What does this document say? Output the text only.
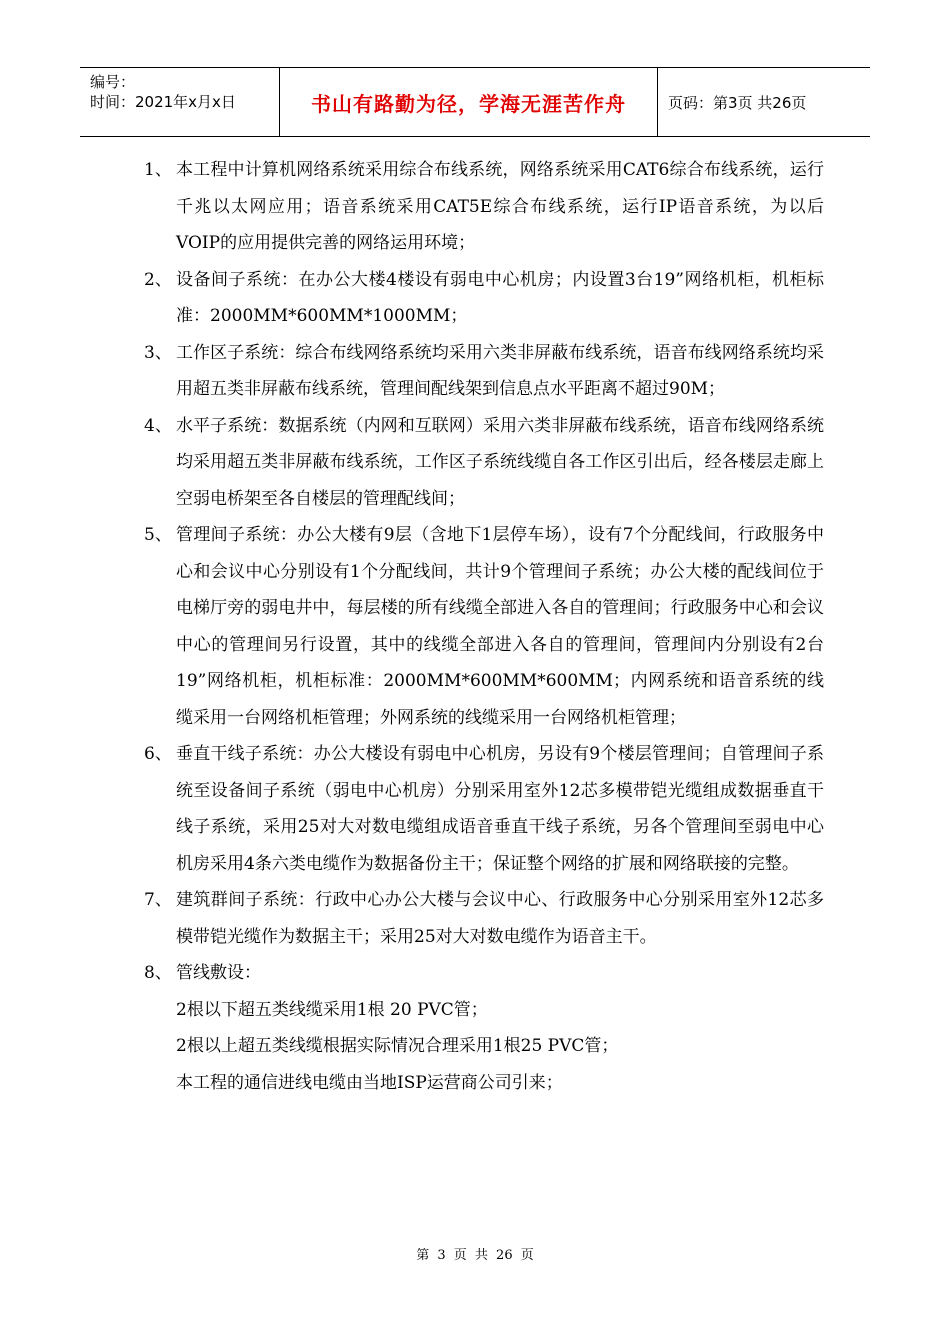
编号：
时间：2021年x月x日	书山有路勤为径，学海无涯苦作舟	页码：第3页 共26页
1、 本工程中计算机网络系统采用综合布线系统，网络系统采用CAT6综合布线系统，运行千兆以太网应用；语音系统采用CAT5E综合布线系统，运行IP语音系统，为以后VOIP的应用提供完善的网络运用环境；
2、 设备间子系统：在办公大楼4楼设有弱电中心机房；内设置3台19”网络机柜，机柜标准：2000MM*600MM*1000MM；
3、 工作区子系统：综合布线网络系统均采用六类非屏蔽布线系统，语音布线网络系统均采用超五类非屏蔽布线系统，管理间配线架到信息点水平距离不超过90M；
4、 水平子系统：数据系统（内网和互联网）采用六类非屏蔽布线系统，语音布线网络系统均采用超五类非屏蔽布线系统，工作区子系统线缆自各工作区引出后，经各楼层走廊上空弱电桥架至各自楼层的管理配线间；
5、 管理间子系统：办公大楼有9层（含地下1层停车场），设有7个分配线间，行政服务中心和会议中心分别设有1个分配线间，共计9个管理间子系统；办公大楼的配线间位于电梯厅旁的弱电井中，每层楼的所有线缆全部进入各自的管理间；行政服务中心和会议中心的管理间另行设置，其中的线缆全部进入各自的管理间，管理间内分别设有2台19”网络机柜，机柜标准：2000MM*600MM*600MM；内网系统和语音系统的线缆采用一台网络机柜管理；外网系统的线缆采用一台网络机柜管理；
6、 垂直干线子系统：办公大楼设有弱电中心机房，另设有9个楼层管理间；自管理间子系统至设备间子系统（弱电中心机房）分别采用室外12芯多模带铠光缆组成数据垂直干线子系统，采用25对大对数电缆组成语音垂直干线子系统，另各个管理间至弱电中心机房采用4条六类电缆作为数据备份主干；保证整个网络的扩展和网络联接的完整。
7、 建筑群间子系统：行政中心办公大楼与会议中心、行政服务中心分别采用室外12芯多模带铠光缆作为数据主干；采用25对大对数电缆作为语音主干。
8、 管线敷设：
2根以下超五类线缆采用1根 20 PVC管；
2根以上超五类线缆根据实际情况合理采用1根25 PVC管；
本工程的通信进线电缆由当地ISP运营商公司引来；
第 3 页 共 26 页
